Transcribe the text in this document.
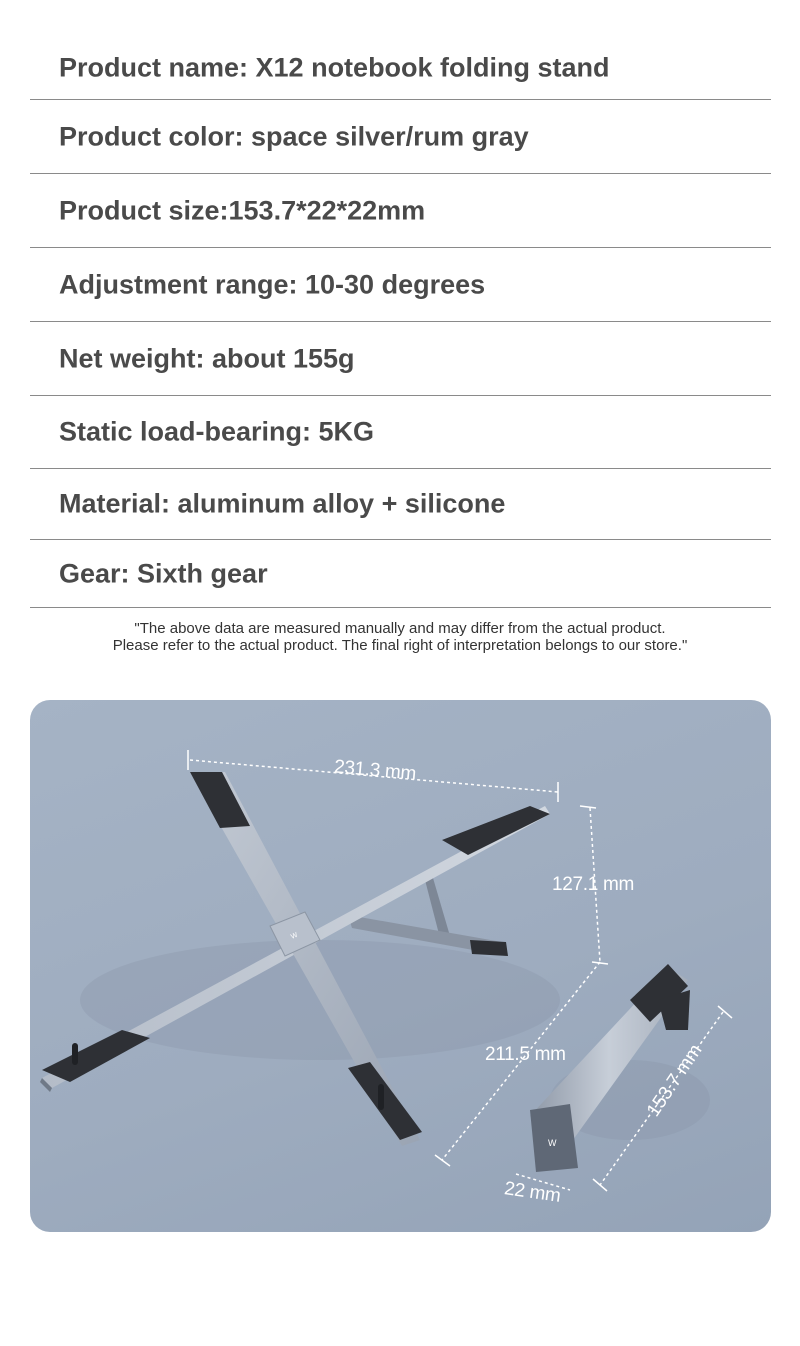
Product name: X12 notebook folding stand
Product color: space silver/rum gray
Product size:153.7*22*22mm
Adjustment range: 10-30 degrees
Net weight: about 155g
Static load-bearing: 5KG
Material: aluminum alloy + silicone
Gear: Sixth gear
"The above data are measured manually and may differ from the actual product.
Please refer to the actual product. The final right of interpretation belongs to our store."
W
W
231.3 mm
127.1 mm
211.5 mm	153.7 mm
22 mm
